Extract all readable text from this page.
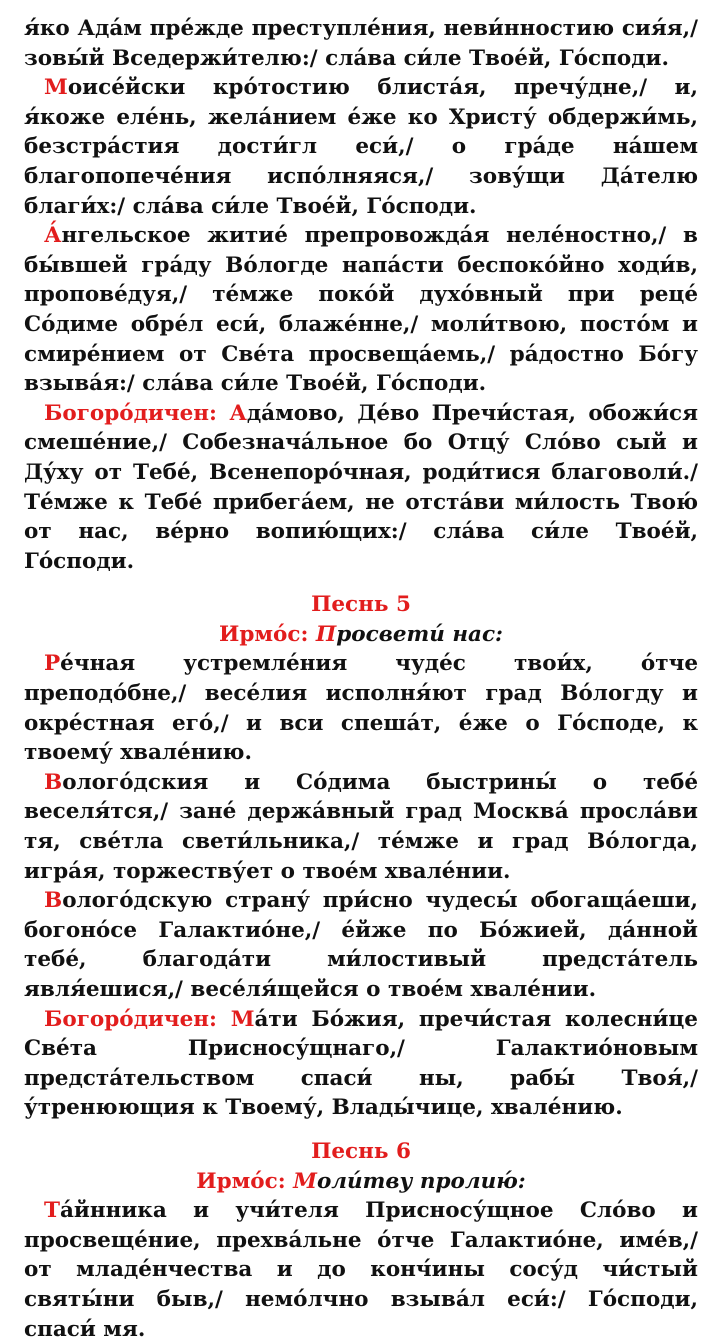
я́ко Ада́м пре́жде преступле́ния, неви́нностию сия́я,/ зовы́й Вседержи́телю:/ сла́ва си́ле Твое́й, Го́споди.

Моисе́йски кро́тостию блиста́я, пречу́дне,/ и, я́коже еле́нь, жела́нием е́же ко Христу́ обдержи́мь, безстра́стия дости́гл еси́,/ о гра́де на́шем благопопече́ния испо́лняяся,/ зову́щи Да́телю благи́х:/ сла́ва си́ле Твое́й, Го́споди.

А́нгельское житие́ препровожда́я неле́ностно,/ в бы́вшей гра́ду Во́логде напа́сти беспоко́йно ходи́в, пропове́дуя,/ те́мже поко́й духо́вный при реце́ Со́диме обре́л еси́, блаже́нне,/ моли́твою, посто́м и смире́нием от Све́та просвеща́емь,/ ра́достно Бо́гу взыва́я:/ сла́ва си́ле Твое́й, Го́споди.

Богоро́дичен: Ада́мово, Де́во Пречи́стая, обожи́ся смеше́ние,/ Собезнача́льное бо Отцу́ Сло́во сый и Ду́ху от Тебе́, Всенепоро́чная, роди́тися благоволи́./ Те́мже к Тебе́ прибега́ем, не отста́ви ми́лость Твою́ от нас, ве́рно вопию́щих:/ сла́ва си́ле Твое́й, Го́споди.

Песнь 5

Ирмо́с: Просвети́ нас:

Ре́чная устремле́ния чуде́с твои́х, о́тче преподо́бне,/ весе́лия исполня́ют град Во́логду и окре́стная его́,/ и вси спеша́т, е́же о Го́споде, к твоему́ хвале́нию.

Волого́дския и Со́дима быстрины́ о тебе́ веселя́тся,/ зане́ держа́вный град Москва́ просла́ви тя, све́тла свети́льника,/ те́мже и град Во́логда, игра́я, торжеству́ет о твое́м хвале́нии.

Волого́дскую страну́ при́сно чудесы́ обогаща́еши, богоно́се Галактио́не,/ е́йже по Бо́жией, да́нной тебе́, благода́ти ми́лостивый предста́тель явля́ешися,/ весе́ля́щейся о твое́м хвале́нии.

Богоро́дичен: Ма́ти Бо́жия, пречи́стая колесни́це Све́та Присносу́щнаго,/ Галактио́новым предста́тельством спаси́ ны, рабы́ Твоя́,/ у́тренюющия к Твоему́, Влады́чице, хвале́нию.

Песнь 6

Ирмо́с: Моли́тву пролию́:

Та́йнника и учи́теля Присносу́щное Сло́во и просвеще́ние, прехва́льне о́тче Галактио́не, име́в,/ от младе́нчества и до конч́ины сосу́д чи́стый святы́ни быв,/ немо́лчно взыва́л еси́:/ Го́споди, спаси́ мя.
